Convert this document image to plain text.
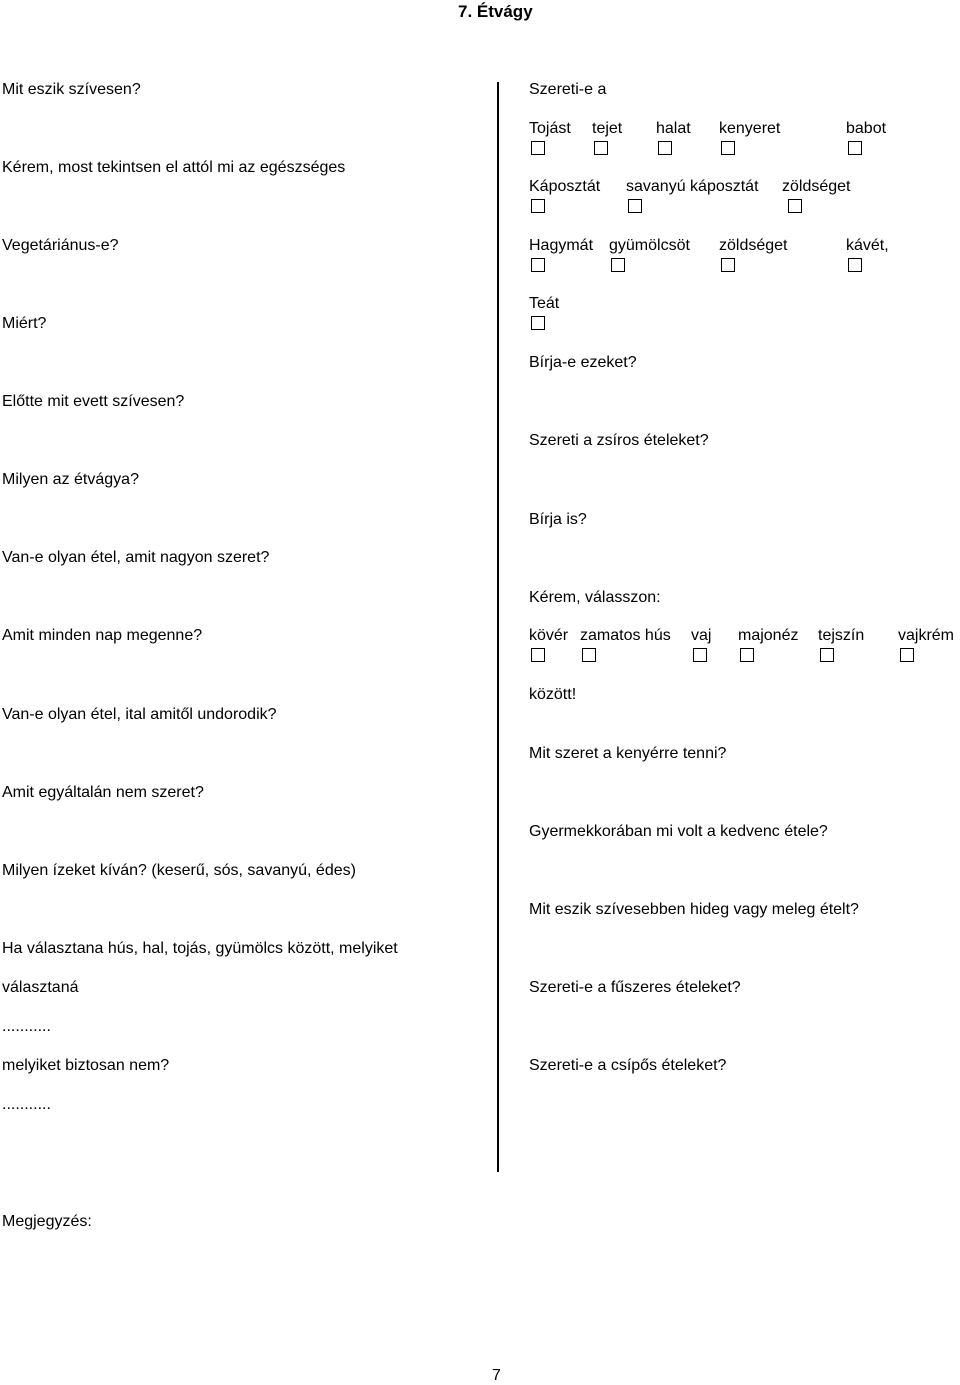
7. Étvágy
Mit eszik szívesen?
Kérem, most tekintsen el attól mi az egészséges
Vegetáriánus-e?
Miért?
Előtte mit evett szívesen?
Milyen az étvágya?
Van-e olyan étel, amit nagyon szeret?
Amit minden nap megenne?
Van-e olyan étel, ital amitől undorodik?
Amit egyáltalán nem szeret?
Milyen ízeket kíván? (keserű, sós, savanyú, édes)
Ha választana hús, hal, tojás, gyümölcs között, melyiket
választaná
...........
melyiket biztosan nem?
...........
Szereti-e a
Tojást tejet halat kenyeret	babot
Káposztát savanyú káposztát zöldséget
Hagymát gyümölcsöt zöldséget	kávét,
Teát
Bírja-e ezeket?
Szereti a zsíros ételeket?
Bírja is?
Kérem, válasszon:
kövér zamatos hús vaj majonéz tejszín vajkrém
között!
Mit szeret a kenyérre tenni?
Gyermekkorában mi volt a kedvenc étele?
Mit eszik szívesebben hideg vagy meleg ételt?
Szereti-e a fűszeres ételeket?
Szereti-e a csípős ételeket?
Megjegyzés:
7
